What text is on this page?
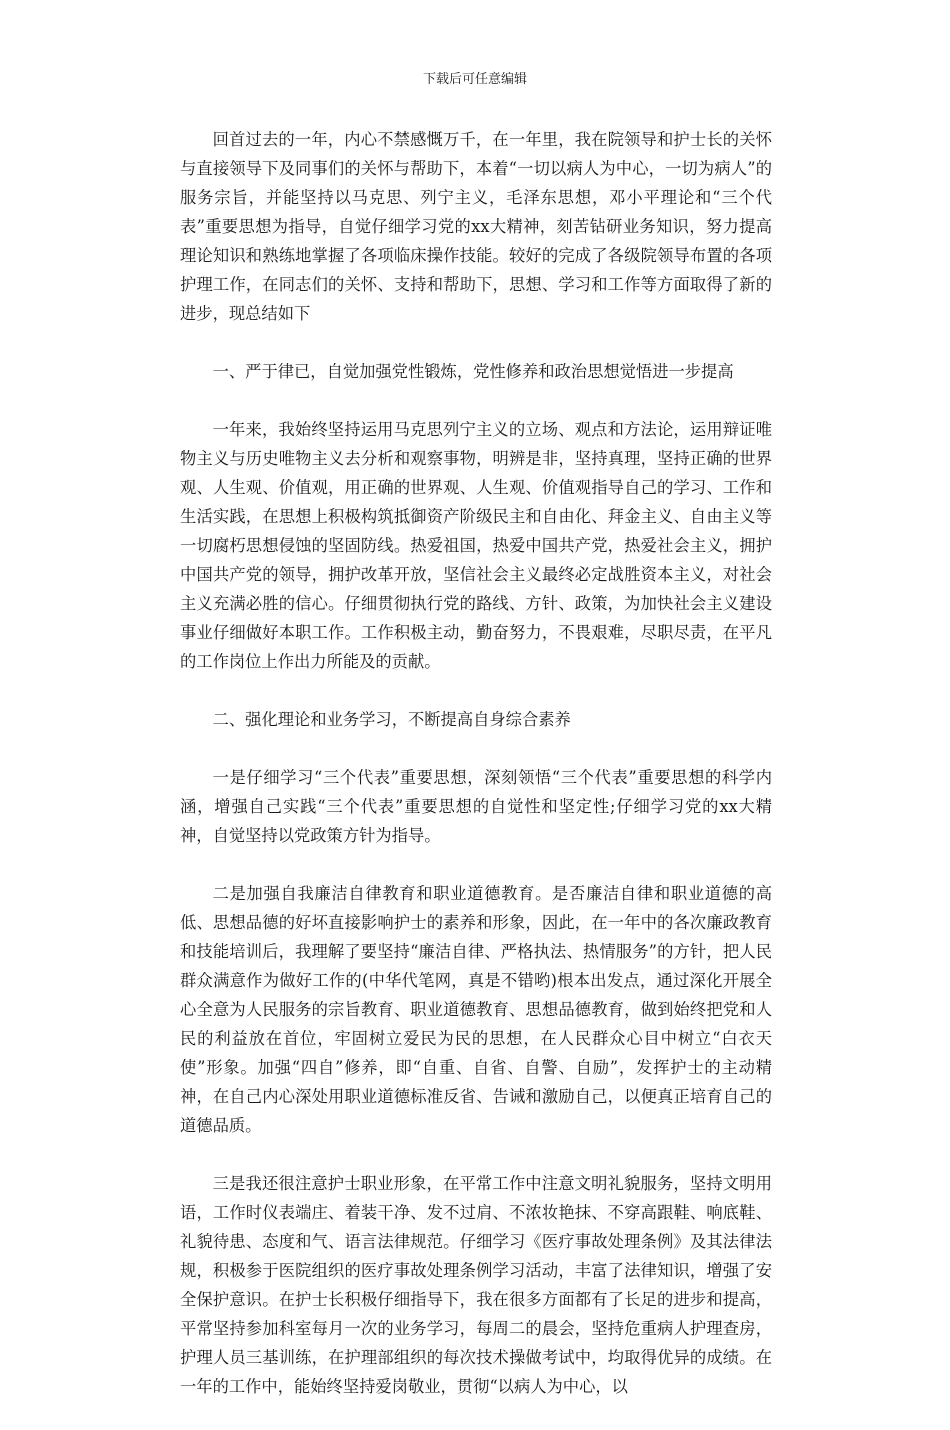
下载后可任意编辑

回首过去的一年，内心不禁感慨万千，在一年里，我在院领导和护士长的关怀与直接领导下及同事们的关怀与帮助下，本着“一切以病人为中心，一切为病人”的服务宗旨，并能坚持以马克思、列宁主义，毛泽东思想，邓小平理论和“三个代表”重要思想为指导，自觉仔细学习党的xx大精神，刻苦钻研业务知识，努力提高理论知识和熟练地掌握了各项临床操作技能。较好的完成了各级院领导布置的各项护理工作，在同志们的关怀、支持和帮助下，思想、学习和工作等方面取得了新的进步，现总结如下

一、严于律已，自觉加强党性锻炼，党性修养和政治思想觉悟进一步提高

一年来，我始终坚持运用马克思列宁主义的立场、观点和方法论，运用辩证唯物主义与历史唯物主义去分析和观察事物，明辨是非，坚持真理，坚持正确的世界观、人生观、价值观，用正确的世界观、人生观、价值观指导自己的学习、工作和生活实践，在思想上积极构筑抵御资产阶级民主和自由化、拜金主义、自由主义等一切腐朽思想侵蚀的坚固防线。热爱祖国，热爱中国共产党，热爱社会主义，拥护中国共产党的领导，拥护改革开放，坚信社会主义最终必定战胜资本主义，对社会主义充满必胜的信心。仔细贯彻执行党的路线、方针、政策，为加快社会主义建设事业仔细做好本职工作。工作积极主动，勤奋努力，不畏艰难，尽职尽责，在平凡的工作岗位上作出力所能及的贡献。

二、强化理论和业务学习，不断提高自身综合素养

一是仔细学习“三个代表”重要思想，深刻领悟“三个代表”重要思想的科学内涵，增强自己实践“三个代表”重要思想的自觉性和坚定性;仔细学习党的xx大精神，自觉坚持以党政策方针为指导。

二是加强自我廉洁自律教育和职业道德教育。是否廉洁自律和职业道德的高低、思想品德的好坏直接影响护士的素养和形象，因此，在一年中的各次廉政教育和技能培训后，我理解了要坚持“廉洁自律、严格执法、热情服务”的方针，把人民群众满意作为做好工作的(中华代笔网，真是不错哟)根本出发点，通过深化开展全心全意为人民服务的宗旨教育、职业道德教育、思想品德教育，做到始终把党和人民的利益放在首位，牢固树立爱民为民的思想，在人民群众心目中树立“白衣天使”形象。加强“四自”修养，即“自重、自省、自警、自励”，发挥护士的主动精神，在自己内心深处用职业道德标准反省、告诫和激励自己，以便真正培育自己的道德品质。

三是我还很注意护士职业形象，在平常工作中注意文明礼貌服务，坚持文明用语，工作时仪表端庄、着装干净、发不过肩、不浓妆艳抹、不穿高跟鞋、响底鞋、礼貌待患、态度和气、语言法律规范。仔细学习《医疗事故处理条例》及其法律法规，积极参于医院组织的医疗事故处理条例学习活动，丰富了法律知识，增强了安全保护意识。在护士长积极仔细指导下，我在很多方面都有了长足的进步和提高，平常坚持参加科室每月一次的业务学习，每周二的晨会，坚持危重病人护理查房，护理人员三基训练，在护理部组织的每次技术操做考试中，均取得优异的成绩。在一年的工作中，能始终坚持爱岗敬业，贯彻“以病人为中心，以
